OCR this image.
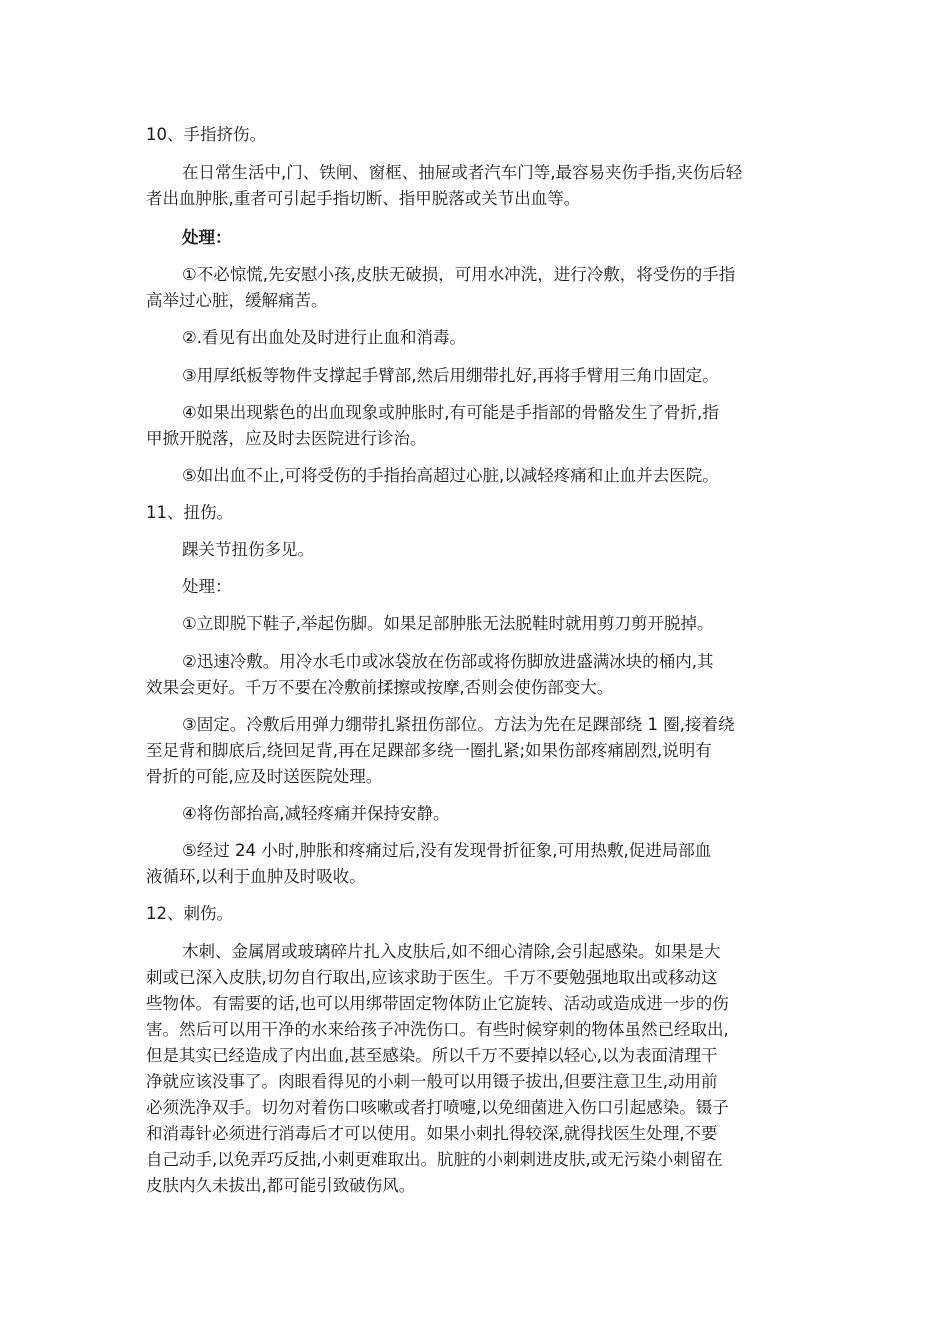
10、手指挤伤。
在日常生活中,门、铁闸、窗框、抽屉或者汽车门等,最容易夹伤手指,夹伤后轻
者出血肿胀,重者可引起手指切断、指甲脱落或关节出血等。
处理：
①不必惊慌,先安慰小孩,皮肤无破损，可用水冲洗，进行冷敷，将受伤的手指
高举过心脏，缓解痛苦。
②.看见有出血处及时进行止血和消毒。
③用厚纸板等物件支撑起手臂部,然后用绷带扎好,再将手臂用三角巾固定。
④如果出现紫色的出血现象或肿胀时,有可能是手指部的骨骼发生了骨折,指
甲掀开脱落，应及时去医院进行诊治。
⑤如出血不止,可将受伤的手指抬高超过心脏,以减轻疼痛和止血并去医院。
11、扭伤。
踝关节扭伤多见。
处理：
①立即脱下鞋子,举起伤脚。如果足部肿胀无法脱鞋时就用剪刀剪开脱掉。
②迅速冷敷。用冷水毛巾或冰袋放在伤部或将伤脚放进盛满冰块的桶内,其
效果会更好。千万不要在冷敷前揉擦或按摩,否则会使伤部变大。
③固定。冷敷后用弹力绷带扎紧扭伤部位。方法为先在足踝部绕 1 圈,接着绕
至足背和脚底后,绕回足背,再在足踝部多绕一圈扎紧;如果伤部疼痛剧烈,说明有
骨折的可能,应及时送医院处理。
④将伤部抬高,减轻疼痛并保持安静。
⑤经过 24 小时,肿胀和疼痛过后,没有发现骨折征象,可用热敷,促进局部血
液循环,以利于血肿及时吸收。
12、刺伤。
木刺、金属屑或玻璃碎片扎入皮肤后,如不细心清除,会引起感染。如果是大
刺或已深入皮肤,切勿自行取出,应该求助于医生。千万不要勉强地取出或移动这
些物体。有需要的话,也可以用绑带固定物体防止它旋转、活动或造成进一步的伤
害。然后可以用干净的水来给孩子冲洗伤口。有些时候穿刺的物体虽然已经取出,
但是其实已经造成了内出血,甚至感染。所以千万不要掉以轻心,以为表面清理干
净就应该没事了。肉眼看得见的小刺一般可以用镊子拔出,但要注意卫生,动用前
必须洗净双手。切勿对着伤口咳嗽或者打喷嚏,以免细菌进入伤口引起感染。镊子
和消毒针必须进行消毒后才可以使用。如果小刺扎得较深,就得找医生处理,不要
自己动手,以免弄巧反拙,小刺更难取出。肮脏的小刺刺进皮肤,或无污染小刺留在
皮肤内久未拔出,都可能引致破伤风。
